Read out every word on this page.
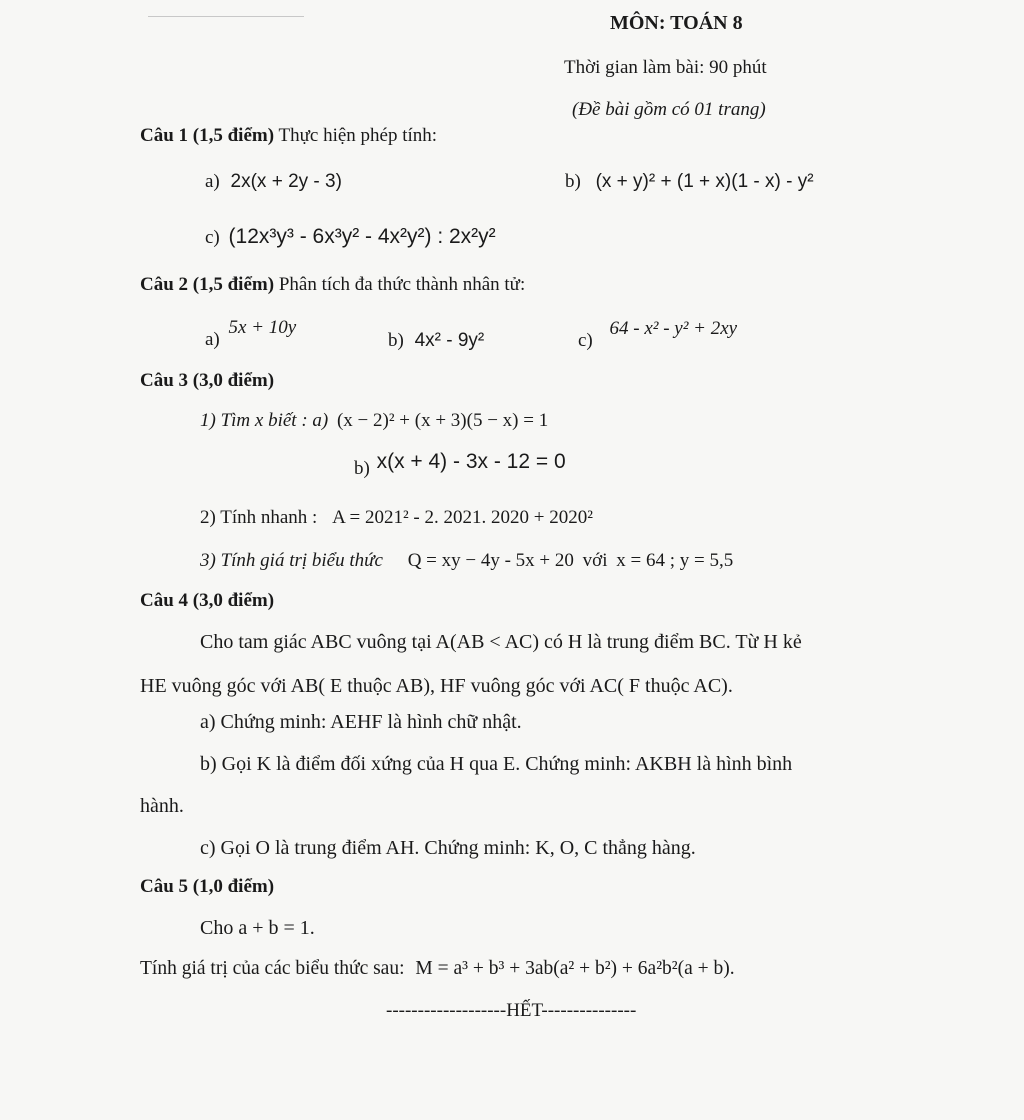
MÔN: TOÁN 8
Thời gian làm bài: 90 phút
(Đề bài gồm có 01 trang)
Câu 1 (1,5 điểm) Thực hiện phép tính:
a) 2x(x + 2y - 3)	b) (x + y)² + (1 + x)(1 - x) - y²
c) (12x³y³ - 6x³y² - 4x²y²) : 2x²y²
Câu 2 (1,5 điểm) Phân tích đa thức thành nhân tử:
a) 5x + 10y
b) 4x² - 9y²	c) 64 - x² - y² + 2xy
Câu 3 (3,0 điểm)
1) Tìm x biết : a) (x − 2)² + (x + 3)(5 − x) = 1
b) x(x + 4) - 3x - 12 = 0
2) Tính nhanh : A = 2021² - 2. 2021. 2020 + 2020²
3) Tính giá trị biểu thức Q = xy − 4y - 5x + 20 với x = 64 ; y = 5,5
Câu 4 (3,0 điểm)
Cho tam giác ABC vuông tại A(AB < AC) có H là trung điểm BC. Từ H kẻ
HE vuông góc với AB( E thuộc AB), HF vuông góc với AC( F thuộc AC).
a) Chứng minh: AEHF là hình chữ nhật.
b) Gọi K là điểm đối xứng của H qua E. Chứng minh: AKBH là hình bình
hành.
c) Gọi O là trung điểm AH. Chứng minh: K, O, C thẳng hàng.
Câu 5 (1,0 điểm)
Cho a + b = 1.
Tính giá trị của các biểu thức sau: M = a³ + b³ + 3ab(a² + b²) + 6a²b²(a + b).
-------------------HẾT---------------
